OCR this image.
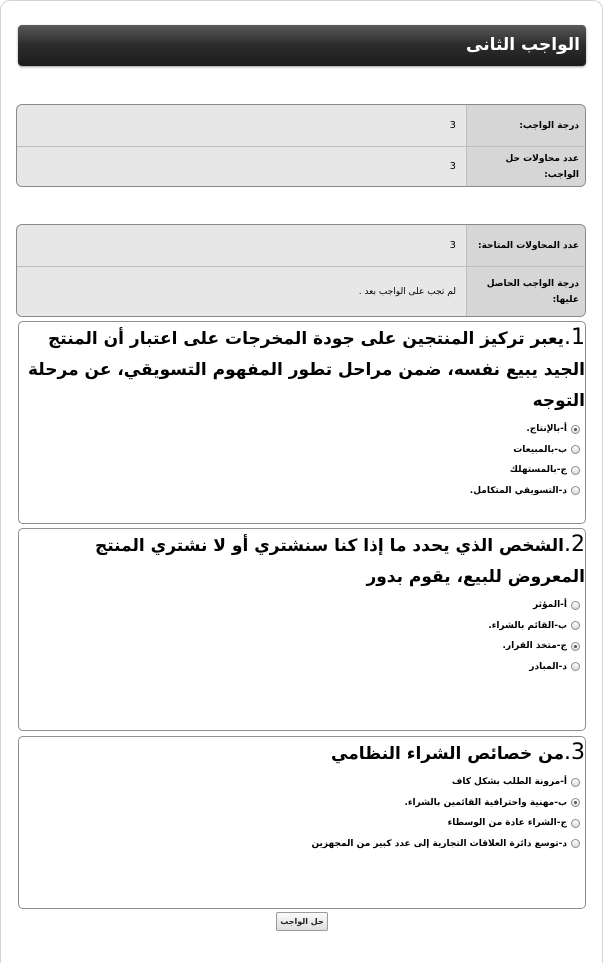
الواجب الثانى
درجة الواجب:
3
عدد محاولات حل الواجب:
3
عدد المحاولات المتاحة:
3
درجة الواجب الحاصل عليها:
لم تجب على الواجب بعد .

1.يعبر تركيز المنتجين على جودة المخرجات على اعتبار أن المنتج الجيد يبيع نفسه، ضمن مراحل تطور المفهوم التسويقي، عن مرحلة التوجه

أ-بالإنتاج.
ب-بالمبيعات
ج-بالمستهلك
د-التسويقي المتكامل.

2.الشخص الذي يحدد ما إذا كنا سنشتري أو لا نشتري المنتج المعروض للبيع، يقوم بدور

أ-المؤثر
ب-القائم بالشراء.
ج-متخذ القرار.
د-المبادر

3.من خصائص الشراء النظامي

أ-مرونة الطلب بشكل كاف
ب-مهنية واحترافية القائمين بالشراء.
ج-الشراء عادة من الوسطاء
د-توسع دائرة العلاقات التجارية إلى عدد كبير من المجهزين
حل الواجب
